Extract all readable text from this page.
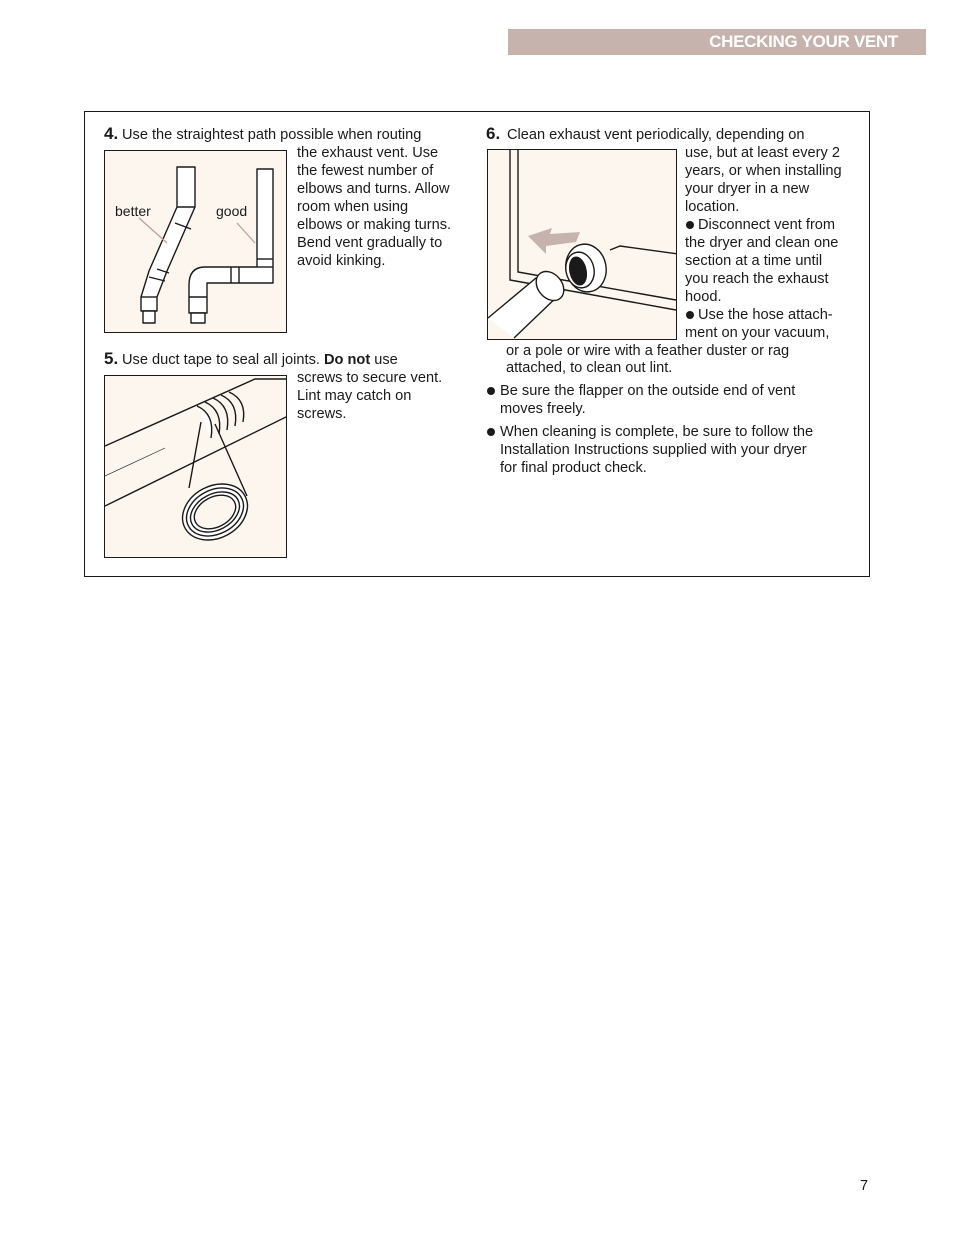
CHECKING YOUR VENT
4. Use the straightest path possible when routing
the exhaust vent. Use
the fewest number of
elbows and turns. Allow
room when using
elbows or making turns.
Bend vent gradually to
avoid kinking.
better	good
5. Use duct tape to seal all joints. Do not use
screws to secure vent.
Lint may catch on
screws.
6. Clean exhaust vent periodically, depending on
use, but at least every 2
years, or when installing
your dryer in a new
location.
Disconnect vent from
the dryer and clean one
section at a time until
you reach the exhaust
hood.
Use the hose attach-
ment on your vacuum,
or a pole or wire with a feather duster or rag
attached, to clean out lint.
Be sure the flapper on the outside end of vent
moves freely.
When cleaning is complete, be sure to follow the
Installation Instructions supplied with your dryer
for final product check.
7
